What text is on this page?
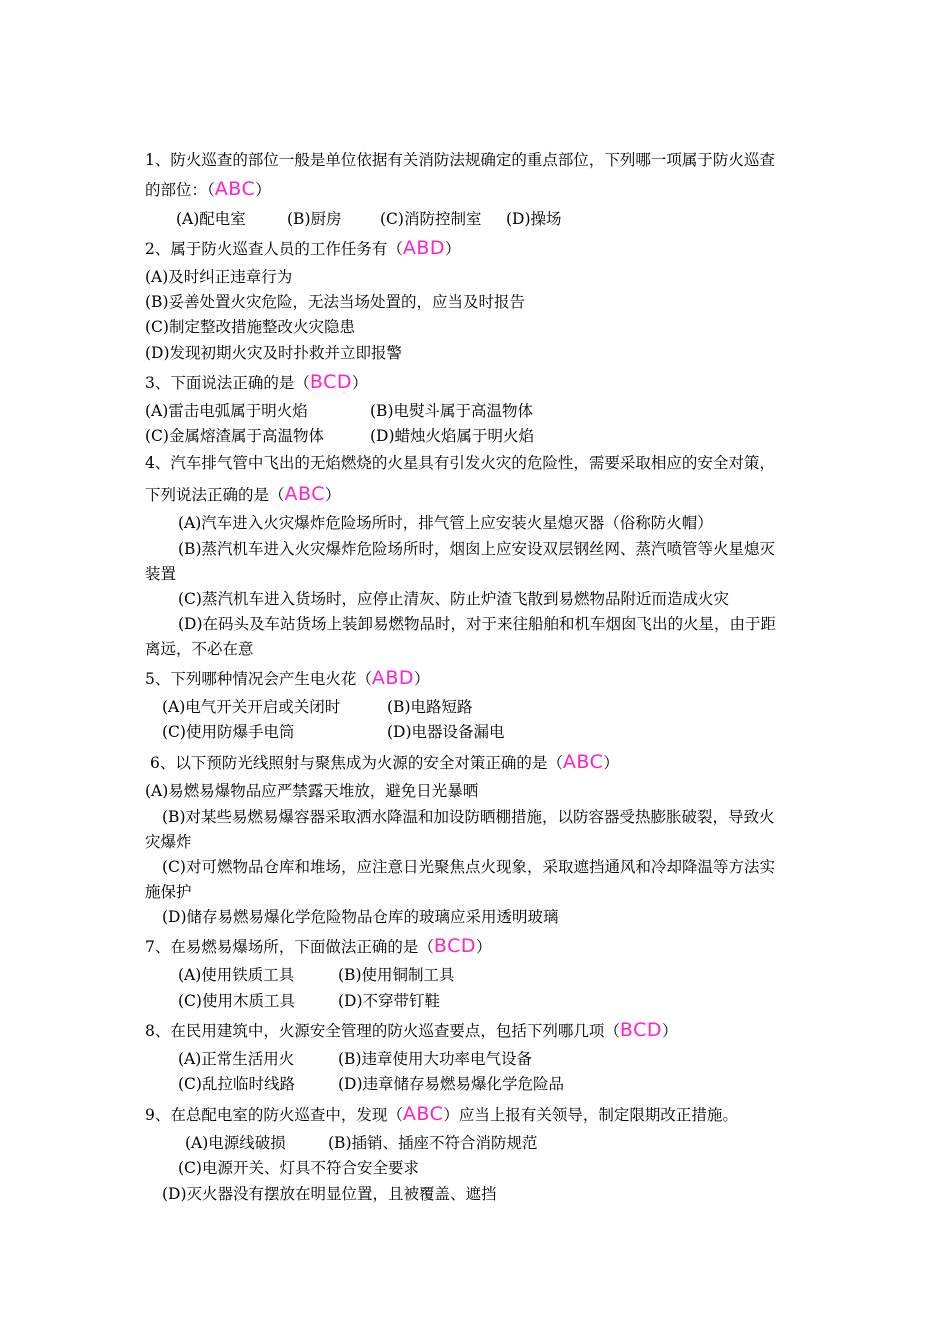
1、防火巡查的部位一般是单位依据有关消防法规确定的重点部位，下列哪一项属于防火巡查
的部位：（ABC）
(A)配电室	(B)厨房 (C)消防控制室 (D)操场
2、属于防火巡查人员的工作任务有（ABD）
(A)及时纠正违章行为
(B)妥善处置火灾危险，无法当场处置的，应当及时报告
(C)制定整改措施整改火灾隐患
(D)发现初期火灾及时扑救并立即报警
3、下面说法正确的是（BCD）
(A)雷击电弧属于明火焰	(B)电熨斗属于高温物体
(C)金属熔渣属于高温物体	(D)蜡烛火焰属于明火焰
4、汽车排气管中飞出的无焰燃烧的火星具有引发火灾的危险性，需要采取相应的安全对策，
下列说法正确的是（ABC）
(A)汽车进入火灾爆炸危险场所时，排气管上应安装火星熄灭器（俗称防火帽）
(B)蒸汽机车进入火灾爆炸危险场所时，烟囱上应安设双层钢丝网、蒸汽喷管等火星熄灭
装置
(C)蒸汽机车进入货场时，应停止清灰、防止炉渣飞散到易燃物品附近而造成火灾
(D)在码头及车站货场上装卸易燃物品时，对于来往船舶和机车烟囱飞出的火星，由于距
离远，不必在意
5、下列哪种情况会产生电火花（ABD）
(A)电气开关开启或关闭时	(B)电路短路
(C)使用防爆手电筒	(D)电器设备漏电
6、以下预防光线照射与聚焦成为火源的安全对策正确的是（ABC）
(A)易燃易爆物品应严禁露天堆放，避免日光暴晒
(B)对某些易燃易爆容器采取洒水降温和加设防晒棚措施，以防容器受热膨胀破裂，导致火
灾爆炸
(C)对可燃物品仓库和堆场，应注意日光聚焦点火现象，采取遮挡通风和冷却降温等方法实
施保护
(D)储存易燃易爆化学危险物品仓库的玻璃应采用透明玻璃
7、在易燃易爆场所，下面做法正确的是（BCD）
(A)使用铁质工具	(B)使用铜制工具
(C)使用木质工具	(D)不穿带钉鞋
8、在民用建筑中，火源安全管理的防火巡查要点，包括下列哪几项（BCD）
(A)正常生活用火	(B)违章使用大功率电气设备
(C)乱拉临时线路	(D)违章储存易燃易爆化学危险品
9、在总配电室的防火巡查中，发现（ABC）应当上报有关领导，制定限期改正措施。
(A)电源线破损	(B)插销、插座不符合消防规范
(C)电源开关、灯具不符合安全要求
(D)灭火器没有摆放在明显位置，且被覆盖、遮挡
